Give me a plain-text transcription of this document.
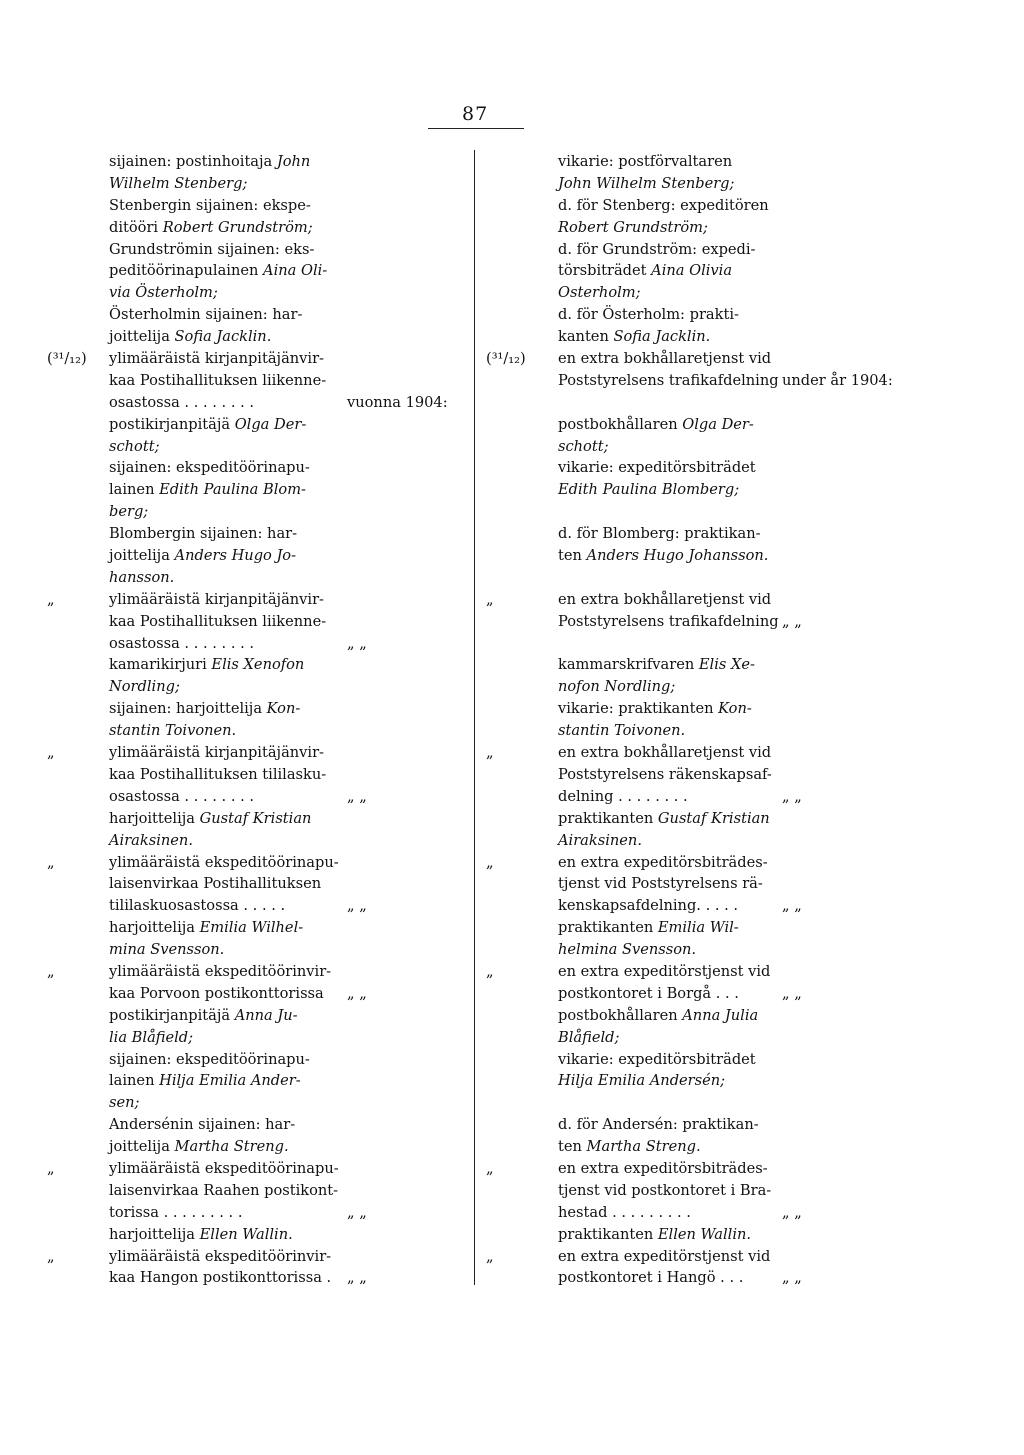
87
sijainen: postinhoitaja John
Wilhelm Stenberg;
Stenbergin sijainen: ekspe-
ditööri Robert Grundström;
Grundströmin sijainen: eks-
peditöörinapulainen Aina Oli-
via Österholm;
Österholmin sijainen: har-
joittelija Sofia Jacklin.
(³¹/₁₂) ylimääräistä kirjanpitäjänvir-
kaa Postihallituksen liikenne-
osastossa . . . . . . . .	vuonna 1904:
postikirjanpitäjä Olga Der-
schott;
sijainen: ekspeditöörinapu-
lainen Edith Paulina Blom-
berg;
Blombergin sijainen: har-
joittelija Anders Hugo Jo-
hansson.
„	ylimääräistä kirjanpitäjänvir-
kaa Postihallituksen liikenne-
osastossa . . . . . . . .	„ „
kamarikirjuri Elis Xenofon
Nordling;
sijainen: harjoittelija Kon-
stantin Toivonen.
„	ylimääräistä kirjanpitäjänvir-
kaa Postihallituksen tililasku-
osastossa . . . . . . . .	„ „
harjoittelija Gustaf Kristian
Airaksinen.
„	ylimääräistä ekspeditöörinapu-
laisenvirkaa Postihallituksen
tililaskuosastossa . . . . .	„ „
harjoittelija Emilia Wilhel-
mina Svensson.
„	ylimääräistä ekspeditöörinvir-
kaa Porvoon postikonttorissa „ „
postikirjanpitäjä Anna Ju-
lia Blåfield;
sijainen: ekspeditöörinapu-
lainen Hilja Emilia Ander-
sen;
Andersénin sijainen: har-
joittelija Martha Streng.
„	ylimääräistä ekspeditöörinapu-
laisenvirkaa Raahen postikont-
torissa . . . . . . . . .	„ „
harjoittelija Ellen Wallin.
„	ylimääräistä ekspeditöörinvir-
kaa Hangon postikonttorissa . „ „
vikarie: postförvaltaren
John Wilhelm Stenberg;
d. för Stenberg: expeditören
Robert Grundström;
d. för Grundström: expedi-
törsbiträdet Aina Olivia
Osterholm;
d. för Österholm: prakti-
kanten Sofia Jacklin.
(³¹/₁₂) en extra bokhållaretjenst vid
Poststyrelsens trafikafdelning under år 1904:
postbokhållaren Olga Der-
schott;
vikarie: expeditörsbiträdet
Edith Paulina Blomberg;
d. för Blomberg: praktikan-
ten Anders Hugo Johansson.
„	en extra bokhållaretjenst vid
Poststyrelsens trafikafdelning „ „
kammarskrifvaren Elis Xe-
nofon Nordling;
vikarie: praktikanten Kon-
stantin Toivonen.
„	en extra bokhållaretjenst vid
Poststyrelsens räkenskapsaf-
delning . . . . . . . .	„ „
praktikanten Gustaf Kristian
Airaksinen.
„	en extra expeditörsbiträdes-
tjenst vid Poststyrelsens rä-
kenskapsafdelning. . . . .	„ „
praktikanten Emilia Wil-
helmina Svensson.
„	en extra expeditörstjenst vid
postkontoret i Borgå . . .	„ „
postbokhållaren Anna Julia
Blåfield;
vikarie: expeditörsbiträdet
Hilja Emilia Andersén;
d. för Andersén: praktikan-
ten Martha Streng.
„	en extra expeditörsbiträdes-
tjenst vid postkontoret i Bra-
hestad . . . . . . . . .	„ „
praktikanten Ellen Wallin.
„	en extra expeditörstjenst vid
postkontoret i Hangö . . .	„ „
